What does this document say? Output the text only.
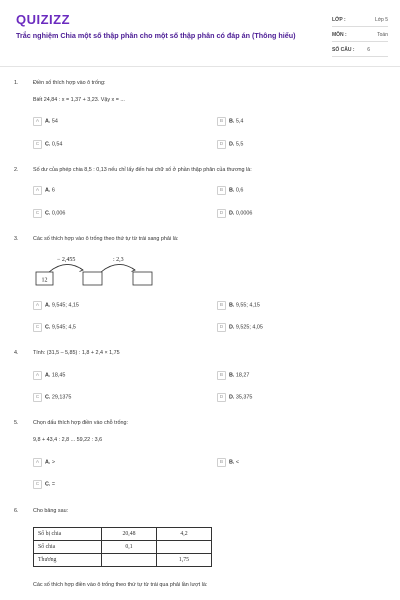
QUIZIZZ
Trắc nghiệm Chia một số thập phân cho một số thập phân có đáp án (Thông hiểu)
LỚP :	Lớp 5
MÔN :	Toán
SỐ CÂU :	6
1.	Điền số thích hợp vào ô trống:
Biết 24,84 : x = 1,37 + 3,23. Vậy x = ...
A A. 54	B B. 5,4
C C. 0,54	D D. 5,5
2.	Số dư của phép chia 8,5 : 0,13 nếu chỉ lấy đến hai chữ số ở phần thập phân của thương là:
A A. 6	B B. 0,6
C C. 0,006	D D. 0,0006
3.	Các số thích hợp vào ô trống theo thứ tự từ trái sang phải là:
− 2,455	: 2,3
12
A A. 9,545; 4,15	B B. 9,55; 4,15
C C. 9,545; 4,5	D D. 9,525; 4,05
4.	Tính: (31,5 – 5,85) : 1,8 + 2,4 × 1,75
A A. 18,45	B B. 18,27
C C. 29,1375	D D. 35,375
5.	Chọn dấu thích hợp điền vào chỗ trống:
9,8 + 43,4 : 2,8 ... 59,22 : 3,6
A A. >	B B. <
C C. =
6.	Cho bảng sau:
Số bị chia	20,48	4,2
Số chia	0,1	
Thương		1,75
Các số thích hợp điền vào ô trống theo thứ tự từ trái qua phải lần lượt là:
